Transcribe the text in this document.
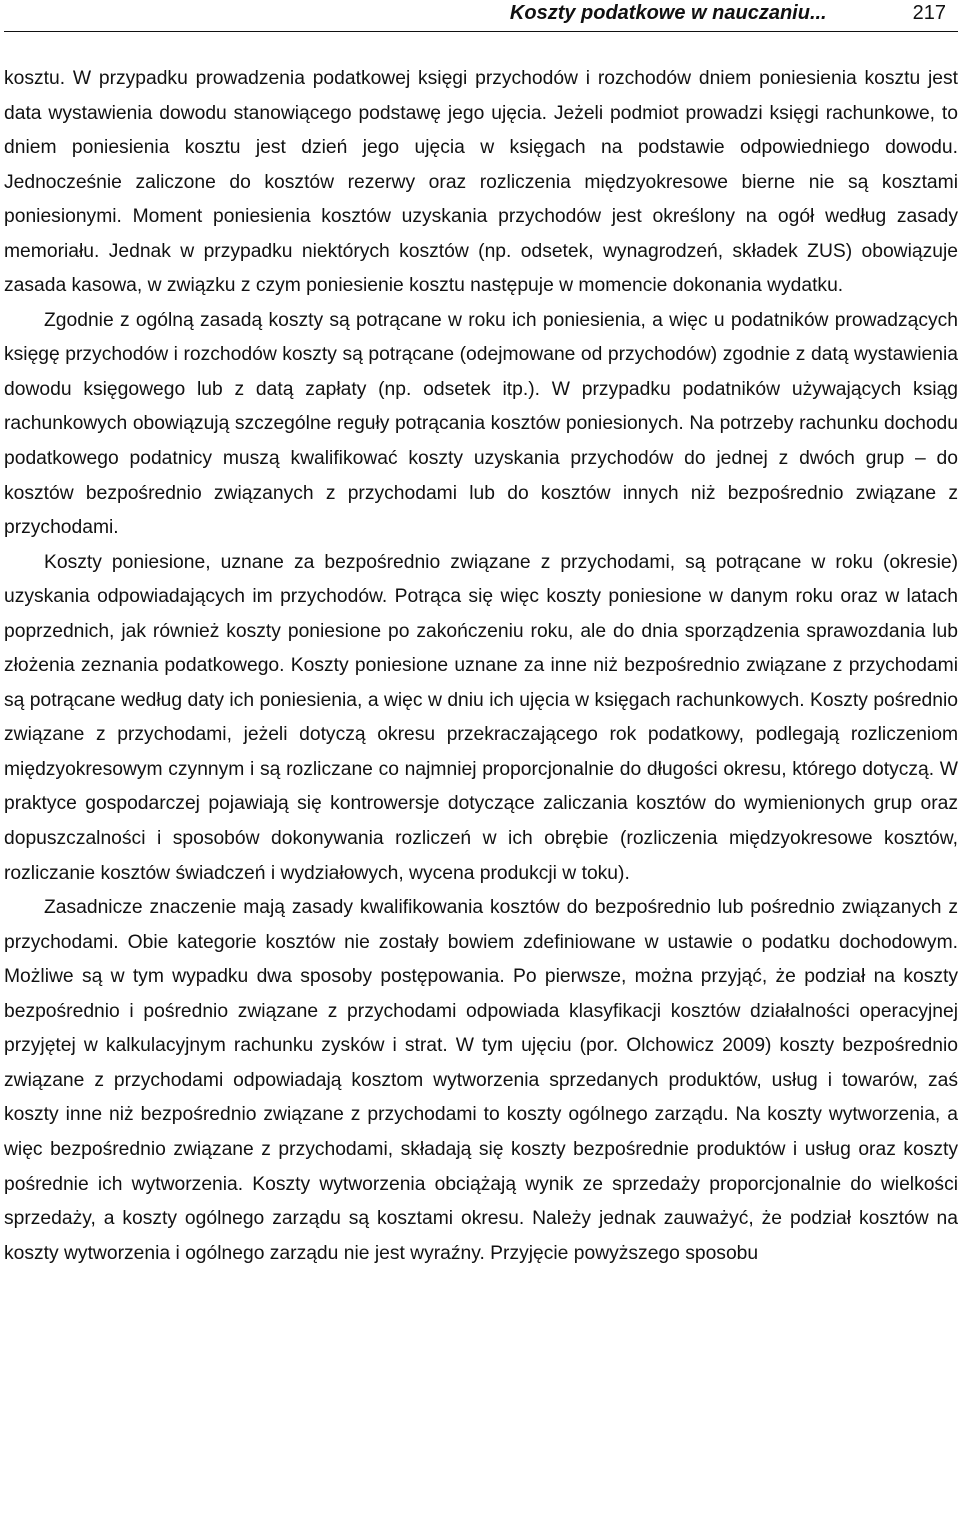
Koszty podatkowe w nauczaniu...	217

kosztu. W przypadku prowadzenia podatkowej księgi przychodów i rozchodów dniem poniesienia kosztu jest data wystawienia dowodu stanowiącego podstawę jego ujęcia. Jeżeli podmiot prowadzi księgi rachunkowe, to dniem poniesienia kosztu jest dzień jego ujęcia w księgach na podstawie odpowiedniego dowodu. Jednocześnie zaliczone do kosztów rezerwy oraz rozliczenia międzyokresowe bierne nie są kosztami poniesionymi. Moment poniesienia kosztów uzyskania przychodów jest określony na ogół według zasady memoriału. Jednak w przypadku niektórych kosztów (np. odsetek, wynagrodzeń, składek ZUS) obowiązuje zasada kasowa, w związku z czym poniesienie kosztu następuje w momencie dokonania wydatku.

Zgodnie z ogólną zasadą koszty są potrącane w roku ich poniesienia, a więc u podatników prowadzących księgę przychodów i rozchodów koszty są potrącane (odejmowane od przychodów) zgodnie z datą wystawienia dowodu księgowego lub z datą zapłaty (np. odsetek itp.). W przypadku podatników używających ksiąg rachunkowych obowiązują szczególne reguły potrącania kosztów poniesionych. Na potrzeby rachunku dochodu podatkowego podatnicy muszą kwalifikować koszty uzyskania przychodów do jednej z dwóch grup – do kosztów bezpośrednio związanych z przychodami lub do kosztów innych niż bezpośrednio związane z przychodami.

Koszty poniesione, uznane za bezpośrednio związane z przychodami, są potrącane w roku (okresie) uzyskania odpowiadających im przychodów. Potrąca się więc koszty poniesione w danym roku oraz w latach poprzednich, jak również koszty poniesione po zakończeniu roku, ale do dnia sporządzenia sprawozdania lub złożenia zeznania podatkowego. Koszty poniesione uznane za inne niż bezpośrednio związane z przychodami są potrącane według daty ich poniesienia, a więc w dniu ich ujęcia w księgach rachunkowych. Koszty pośrednio związane z przychodami, jeżeli dotyczą okresu przekraczającego rok podatkowy, podlegają rozliczeniom międzyokresowym czynnym i są rozliczane co najmniej proporcjonalnie do długości okresu, którego dotyczą. W praktyce gospodarczej pojawiają się kontrowersje dotyczące zaliczania kosztów do wymienionych grup oraz dopuszczalności i sposobów dokonywania rozliczeń w ich obrębie (rozliczenia międzyokresowe kosztów, rozliczanie kosztów świadczeń i wydziałowych, wycena produkcji w toku).

Zasadnicze znaczenie mają zasady kwalifikowania kosztów do bezpośrednio lub pośrednio związanych z przychodami. Obie kategorie kosztów nie zostały bowiem zdefiniowane w ustawie o podatku dochodowym. Możliwe są w tym wypadku dwa sposoby postępowania. Po pierwsze, można przyjąć, że podział na koszty bezpośrednio i pośrednio związane z przychodami odpowiada klasyfikacji kosztów działalności operacyjnej przyjętej w kalkulacyjnym rachunku zysków i strat. W tym ujęciu (por. Olchowicz 2009) koszty bezpośrednio związane z przychodami odpowiadają kosztom wytworzenia sprzedanych produktów, usług i towarów, zaś koszty inne niż bezpośrednio związane z przychodami to koszty ogólnego zarządu. Na koszty wytworzenia, a więc bezpośrednio związane z przychodami, składają się koszty bezpośrednie produktów i usług oraz koszty pośrednie ich wytworzenia. Koszty wytworzenia obciążają wynik ze sprzedaży proporcjonalnie do wielkości sprzedaży, a koszty ogólnego zarządu są kosztami okresu. Należy jednak zauważyć, że podział kosztów na koszty wytworzenia i ogólnego zarządu nie jest wyraźny. Przyjęcie powyższego sposobu
